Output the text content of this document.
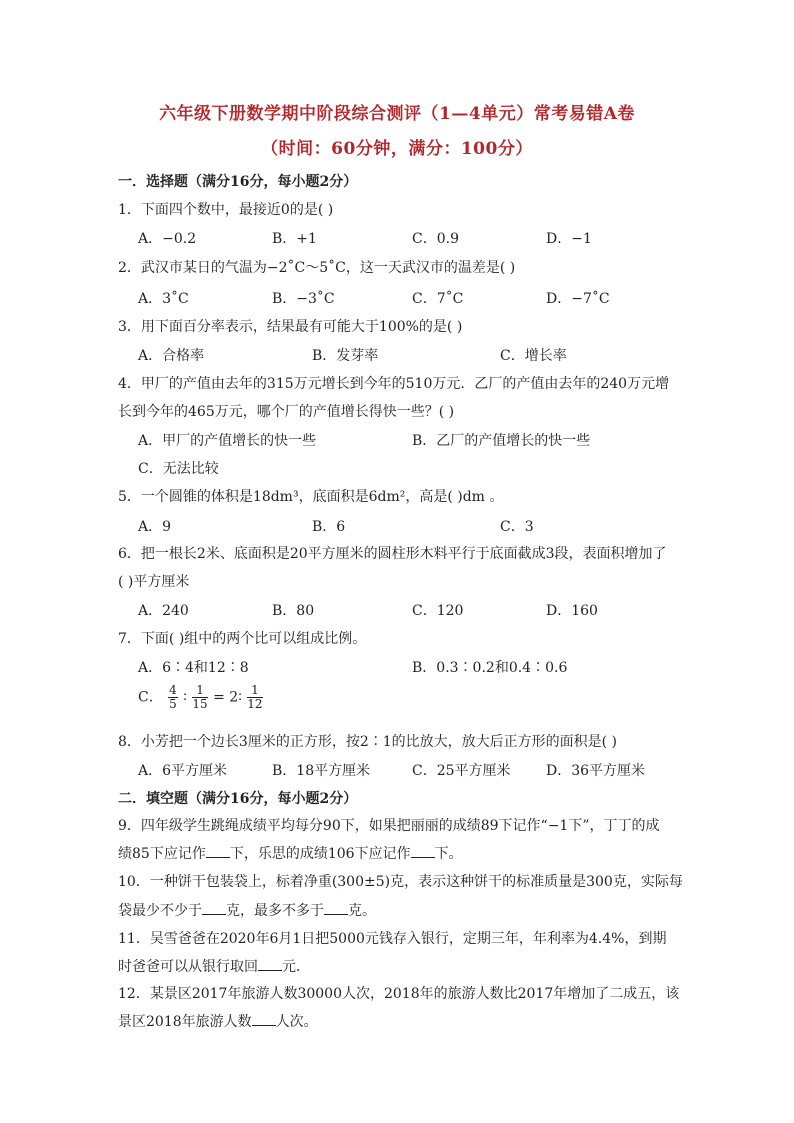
六年级下册数学期中阶段综合测评（1—4单元）常考易错A卷
（时间：60分钟，满分：100分）
一．选择题（满分16分，每小题2分）
1．下面四个数中，最接近0的是( )
A．−0.2	B．+1	C．0.9	D．−1
2．武汉市某日的气温为−2˚C～5˚C，这一天武汉市的温差是( )
A．3˚C	B．−3˚C	C．7˚C	D．−7˚C
3．用下面百分率表示，结果最有可能大于100%的是( )
A．合格率	B．发芽率	C．增长率
4．甲厂的产值由去年的315万元增长到今年的510万元．乙厂的产值由去年的240万元增
长到今年的465万元，哪个厂的产值增长得快一些？( )
A．甲厂的产值增长的快一些	B．乙厂的产值增长的快一些
C．无法比较
5．一个圆锥的体积是18dm³，底面积是6dm²，高是( )dm 。
A．9	B．6	C．3
6．把一根长2米、底面积是20平方厘米的圆柱形木料平行于底面截成3段，表面积增加了
( )平方厘米
A．240	B．80	C．120	D．160
7．下面( )组中的两个比可以组成比例。
A．6∶4和12∶8	B．0.3∶0.2和0.4∶0.6
C． $\frac{4}{5}$ ∶ $\frac{1}{15}$ = 2∶ $\frac{1}{12}$
8．小芳把一个边长3厘米的正方形，按2∶1的比放大，放大后正方形的面积是( )
A．6平方厘米	B．18平方厘米	C．25平方厘米	D．36平方厘米
二．填空题（满分16分，每小题2分）
9．四年级学生跳绳成绩平均每分90下，如果把丽丽的成绩89下记作“−1下”，丁丁的成
绩85下应记作 下，乐思的成绩106下应记作 下。
10．一种饼干包装袋上，标着净重(300±5)克，表示这种饼干的标准质量是300克，实际每
袋最少不少于 克，最多不多于 克。
11．吴雪爸爸在2020年6月1日把5000元钱存入银行，定期三年，年利率为4.4%，到期
时爸爸可以从银行取回 元．
12．某景区2017年旅游人数30000人次，2018年的旅游人数比2017年增加了二成五，该
景区2018年旅游人数 人次。
